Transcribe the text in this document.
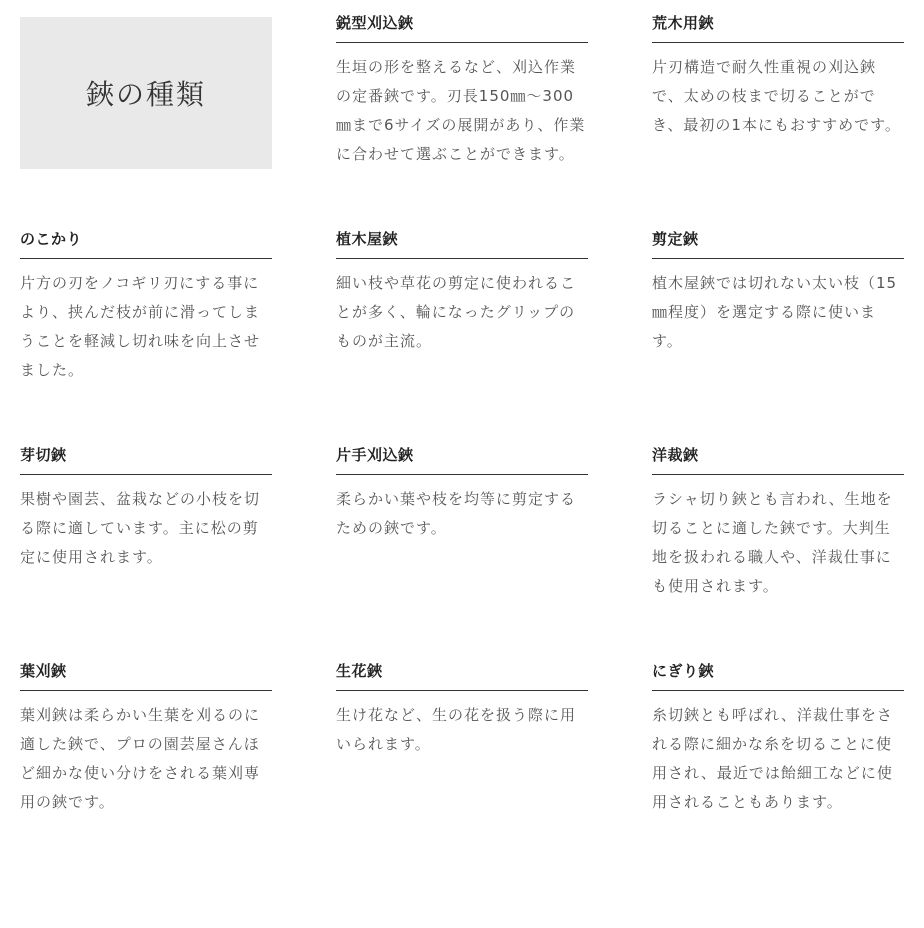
鋏の種類
鋭型刈込鋏

生垣の形を整えるなど、刈込作業の定番鋏です。刃長150㎜～300㎜まで6サイズの展開があり、作業に合わせて選ぶことができます。

荒木用鋏

片刃構造で耐久性重視の刈込鋏で、太めの枝まで切ることができ、最初の1本にもおすすめです。

のこかり

片方の刃をノコギリ刃にする事により、挟んだ枝が前に滑ってしまうことを軽減し切れ味を向上させました。

植木屋鋏

細い枝や草花の剪定に使われることが多く、輪になったグリップのものが主流。

剪定鋏

植木屋鋏では切れない太い枝（15㎜程度）を選定する際に使います。

芽切鋏

果樹や園芸、盆栽などの小枝を切る際に適しています。主に松の剪定に使用されます。

片手刈込鋏

柔らかい葉や枝を均等に剪定するための鋏です。

洋裁鋏

ラシャ切り鋏とも言われ、生地を切ることに適した鋏です。大判生地を扱われる職人や、洋裁仕事にも使用されます。

葉刈鋏

葉刈鋏は柔らかい生葉を刈るのに適した鋏で、プロの園芸屋さんほど細かな使い分けをされる葉刈専用の鋏です。

生花鋏

生け花など、生の花を扱う際に用いられます。

にぎり鋏

糸切鋏とも呼ばれ、洋裁仕事をされる際に細かな糸を切ることに使用され、最近では飴細工などに使用されることもあります。
